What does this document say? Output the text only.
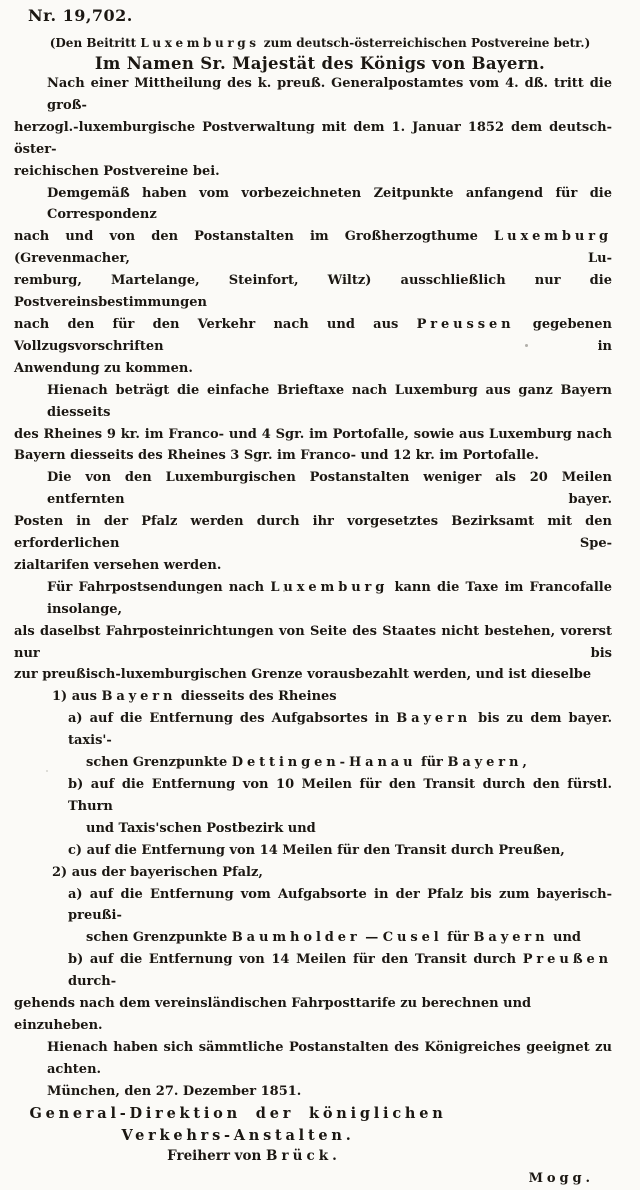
Nr. 19,702.
(Den Beitritt Luxemburgs zum deutsch-österreichischen Postvereine betr.)
Im Namen Sr. Majestät des Königs von Bayern.
Nach einer Mittheilung des k. preuß. Generalpostamtes vom 4. dß. tritt die groß-
herzogl.-luxemburgische Postverwaltung mit dem 1. Januar 1852 dem deutsch-öster-
reichischen Postvereine bei.
Demgemäß haben vom vorbezeichneten Zeitpunkte anfangend für die Correspondenz
nach und von den Postanstalten im Großherzogthume Luxemburg (Grevenmacher, Lu-
remburg, Martelange, Steinfort, Wiltz) ausschließlich nur die Postvereinsbestimmungen
nach den für den Verkehr nach und aus Preussen gegebenen Vollzugsvorschriften in
Anwendung zu kommen.
Hienach beträgt die einfache Brieftaxe nach Luxemburg aus ganz Bayern diesseits
des Rheines 9 kr. im Franco- und 4 Sgr. im Portofalle, sowie aus Luxemburg nach
Bayern diesseits des Rheines 3 Sgr. im Franco- und 12 kr. im Portofalle.
Die von den Luxemburgischen Postanstalten weniger als 20 Meilen entfernten bayer.
Posten in der Pfalz werden durch ihr vorgesetztes Bezirksamt mit den erforderlichen Spe-
zialtarifen versehen werden.
Für Fahrpostsendungen nach Luxemburg kann die Taxe im Francofalle insolange,
als daselbst Fahrposteinrichtungen von Seite des Staates nicht bestehen, vorerst nur bis
zur preußisch-luxemburgischen Grenze vorausbezahlt werden, und ist dieselbe
1) aus Bayern diesseits des Rheines
a) auf die Entfernung des Aufgabsortes in Bayern bis zu dem bayer. taxis'-
schen Grenzpunkte Dettingen-Hanau für Bayern,
b) auf die Entfernung von 10 Meilen für den Transit durch den fürstl. Thurn
und Taxis'schen Postbezirk und
c) auf die Entfernung von 14 Meilen für den Transit durch Preußen,
2) aus der bayerischen Pfalz,
a) auf die Entfernung vom Aufgabsorte in der Pfalz bis zum bayerisch-preußi-
schen Grenzpunkte Baumholder — Cusel für Bayern und
b) auf die Entfernung von 14 Meilen für den Transit durch Preußen durch-
gehends nach dem vereinsländischen Fahrposttarife zu berechnen und einzuheben.
Hienach haben sich sämmtliche Postanstalten des Königreiches geeignet zu achten.
München, den 27. Dezember 1851.
General-Direktion der königlichen Verkehrs-Anstalten.
Freiherr von Brück.
Mogg.
